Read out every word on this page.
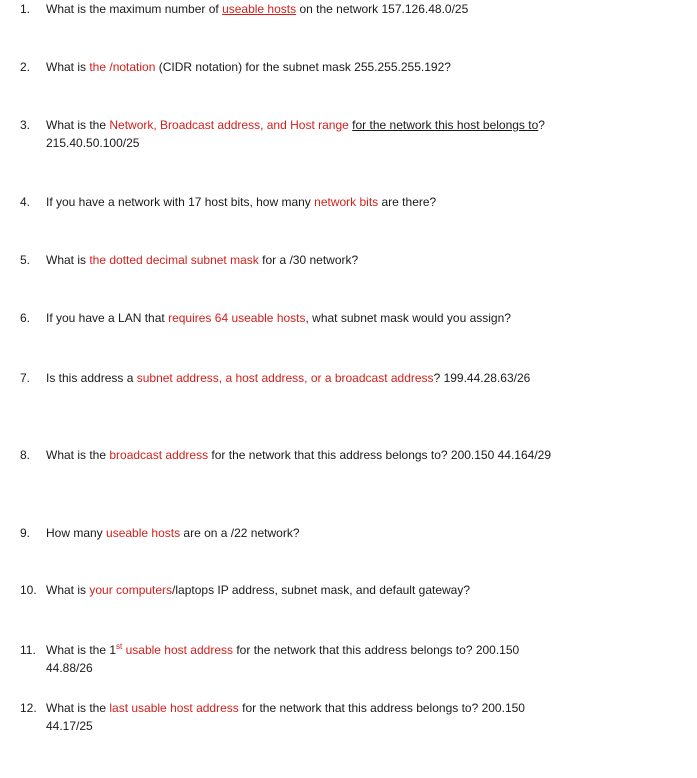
1.	What is the maximum number of useable hosts on the network 157.126.48.0/25
2.	What is the /notation (CIDR notation) for the subnet mask 255.255.255.192?
3.	What is the Network, Broadcast address, and Host range for the network this host belongs to?
215.40.50.100/25
4.	If you have a network with 17 host bits, how many network bits are there?
5.	What is the dotted decimal subnet mask for a /30 network?
6.	If you have a LAN that requires 64 useable hosts, what subnet mask would you assign?
7.	Is this address a subnet address, a host address, or a broadcast address? 199.44.28.63/26
8.	What is the broadcast address for the network that this address belongs to? 200.150 44.164/29
9.	How many useable hosts are on a /22 network?
10. What is your computers/laptops IP address, subnet mask, and default gateway?
11. What is the 1st usable host address for the network that this address belongs to? 200.150
44.88/26
12. What is the last usable host address for the network that this address belongs to? 200.150
44.17/25
